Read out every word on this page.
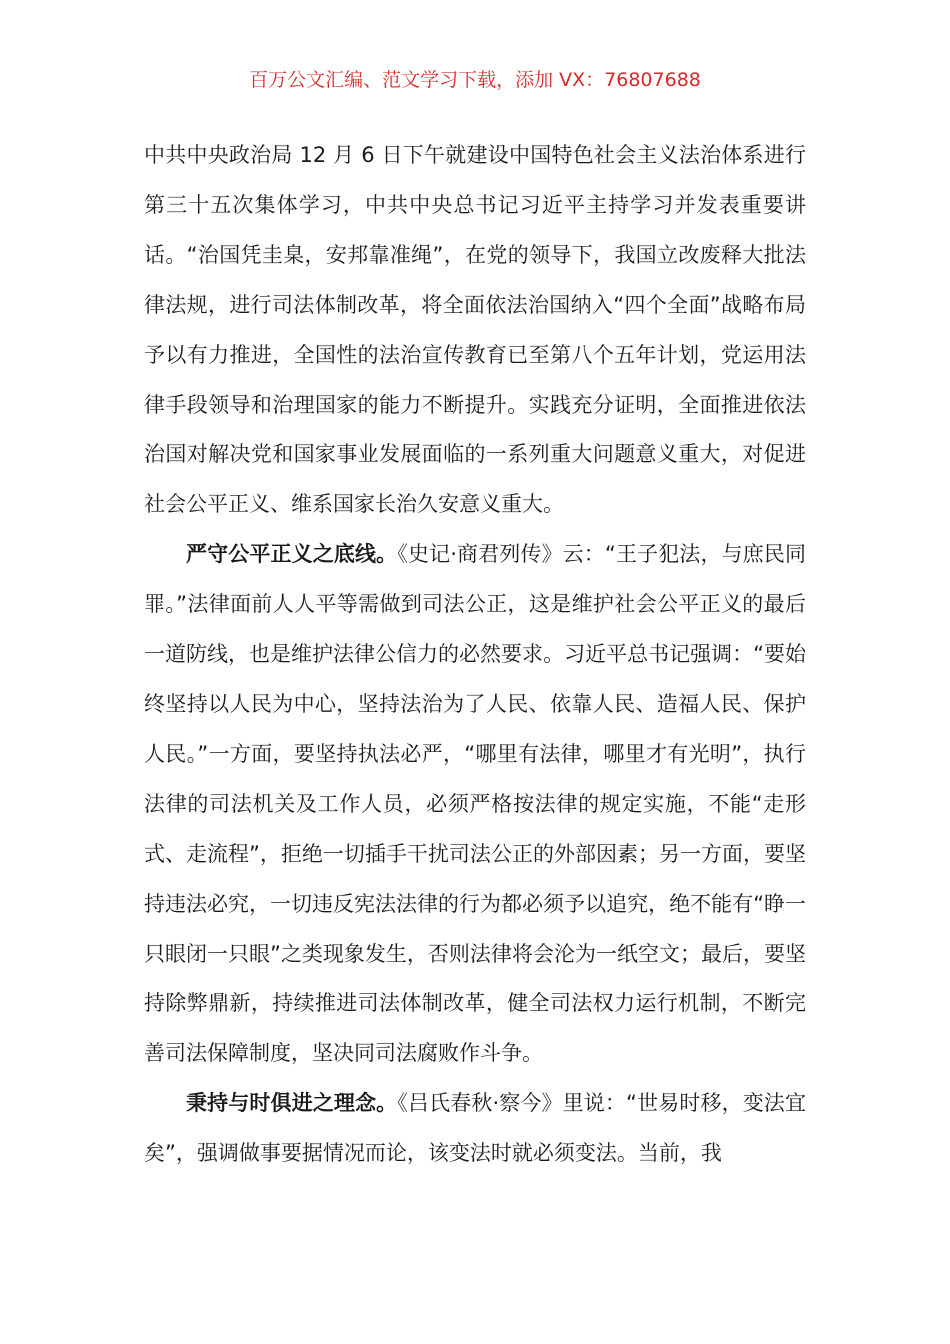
百万公文汇编、范文学习下载，添加 VX：76807688

中共中央政治局 12 月 6 日下午就建设中国特色社会主义法治体系进行第三十五次集体学习，中共中央总书记习近平主持学习并发表重要讲话。“治国凭圭臬，安邦靠准绳”，在党的领导下，我国立改废释大批法律法规，进行司法体制改革，将全面依法治国纳入“四个全面”战略布局予以有力推进，全国性的法治宣传教育已至第八个五年计划，党运用法律手段领导和治理国家的能力不断提升。实践充分证明，全面推进依法治国对解决党和国家事业发展面临的一系列重大问题意义重大，对促进社会公平正义、维系国家长治久安意义重大。

严守公平正义之底线。《史记·商君列传》云：“王子犯法，与庶民同罪。”法律面前人人平等需做到司法公正，这是维护社会公平正义的最后一道防线，也是维护法律公信力的必然要求。习近平总书记强调：“要始终坚持以人民为中心，坚持法治为了人民、依靠人民、造福人民、保护人民。”一方面，要坚持执法必严，“哪里有法律，哪里才有光明”，执行法律的司法机关及工作人员，必须严格按法律的规定实施，不能“走形式、走流程”，拒绝一切插手干扰司法公正的外部因素；另一方面，要坚持违法必究，一切违反宪法法律的行为都必须予以追究，绝不能有“睁一只眼闭一只眼”之类现象发生，否则法律将会沦为一纸空文；最后，要坚持除弊鼎新，持续推进司法体制改革，健全司法权力运行机制，不断完善司法保障制度，坚决同司法腐败作斗争。

秉持与时俱进之理念。《吕氏春秋·察今》里说：“世易时移，变法宜矣”，强调做事要据情况而论，该变法时就必须变法。当前，我
